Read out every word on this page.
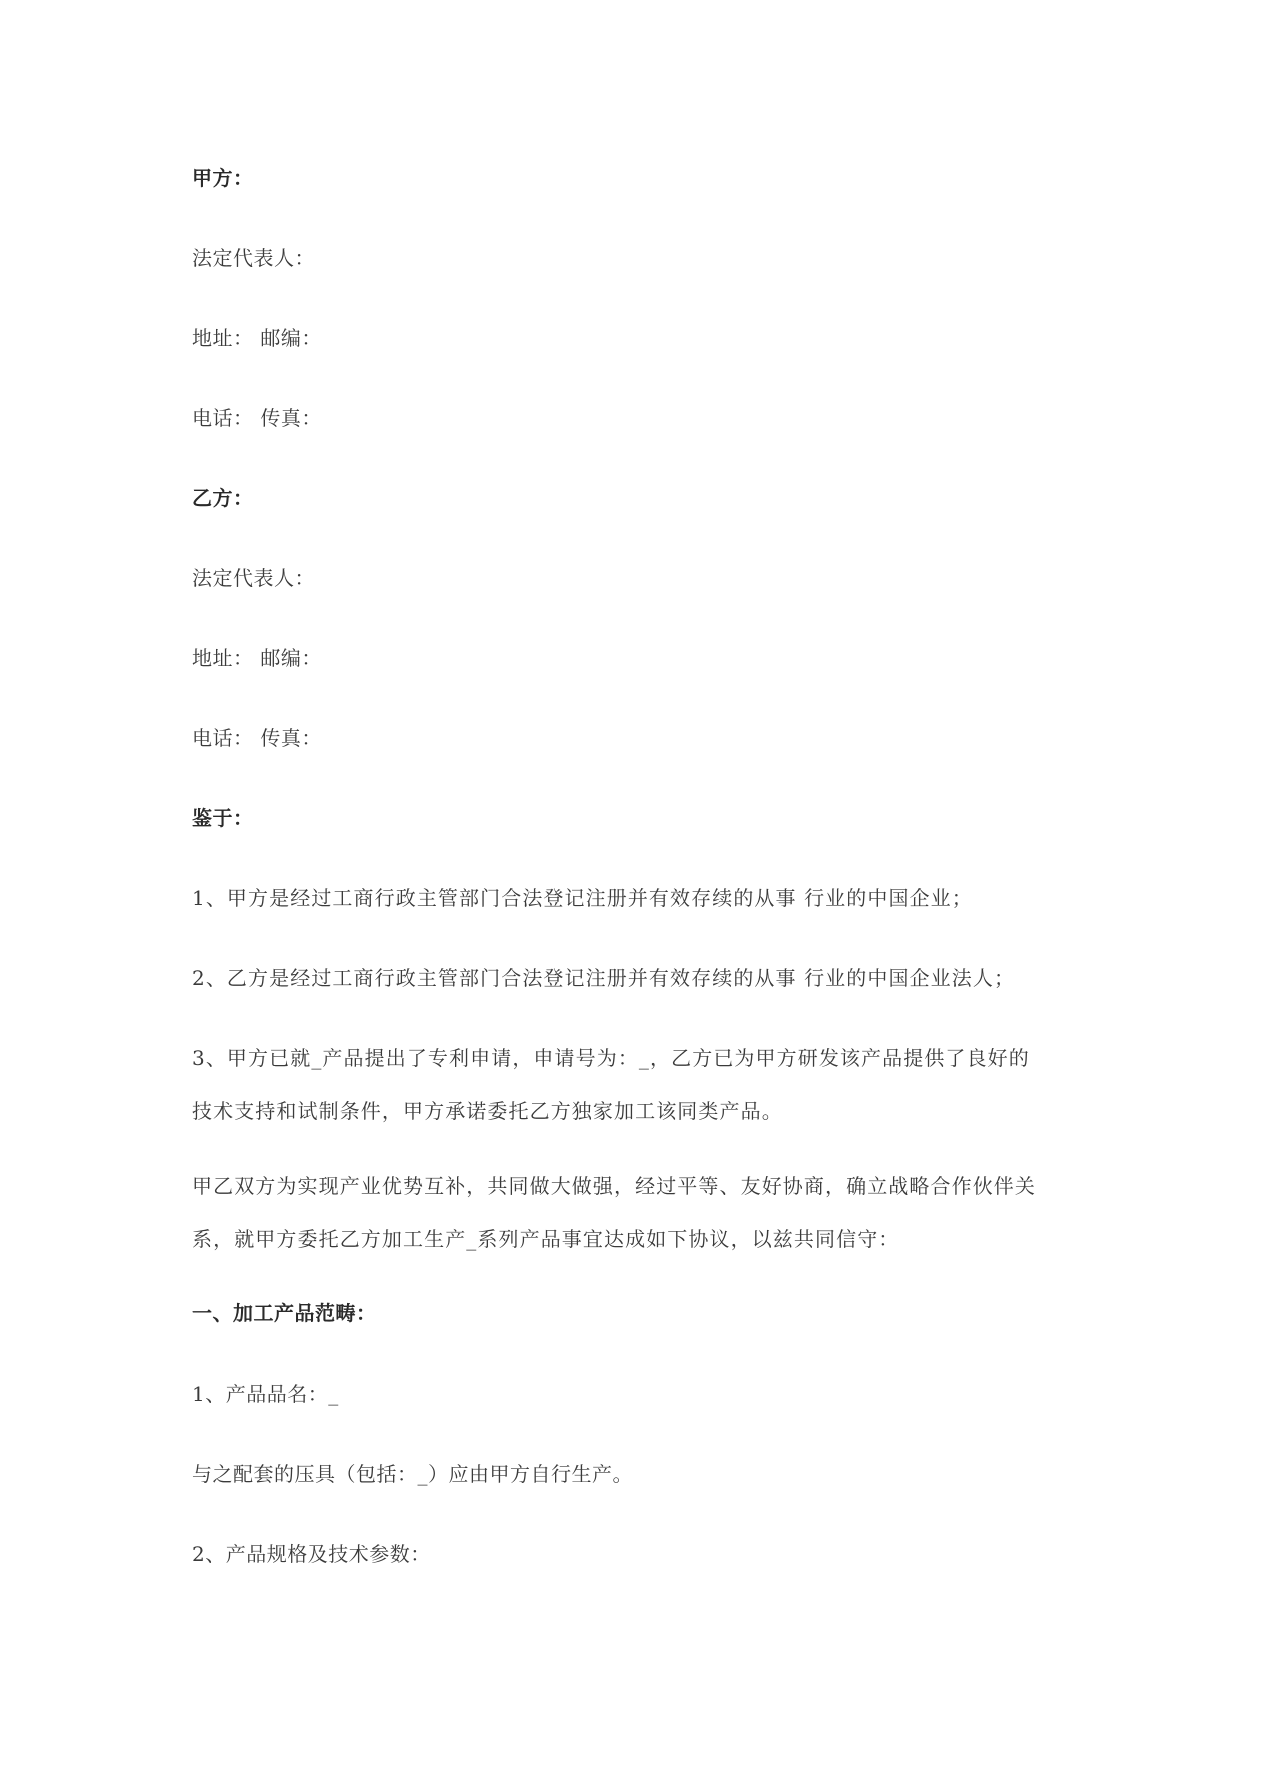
甲方：

法定代表人：

地址： 邮编：

电话： 传真：

乙方：

法定代表人：

地址： 邮编：

电话： 传真：

鉴于：

1、甲方是经过工商行政主管部门合法登记注册并有效存续的从事 行业的中国企业；

2、乙方是经过工商行政主管部门合法登记注册并有效存续的从事 行业的中国企业法人；

3、甲方已就_产品提出了专利申请，申请号为：_，乙方已为甲方研发该产品提供了良好的

技术支持和试制条件，甲方承诺委托乙方独家加工该同类产品。

甲乙双方为实现产业优势互补，共同做大做强，经过平等、友好协商，确立战略合作伙伴关

系，就甲方委托乙方加工生产_系列产品事宜达成如下协议，以兹共同信守：

一、加工产品范畴：

1、产品品名：_

与之配套的压具（包括：_）应由甲方自行生产。

2、产品规格及技术参数：
